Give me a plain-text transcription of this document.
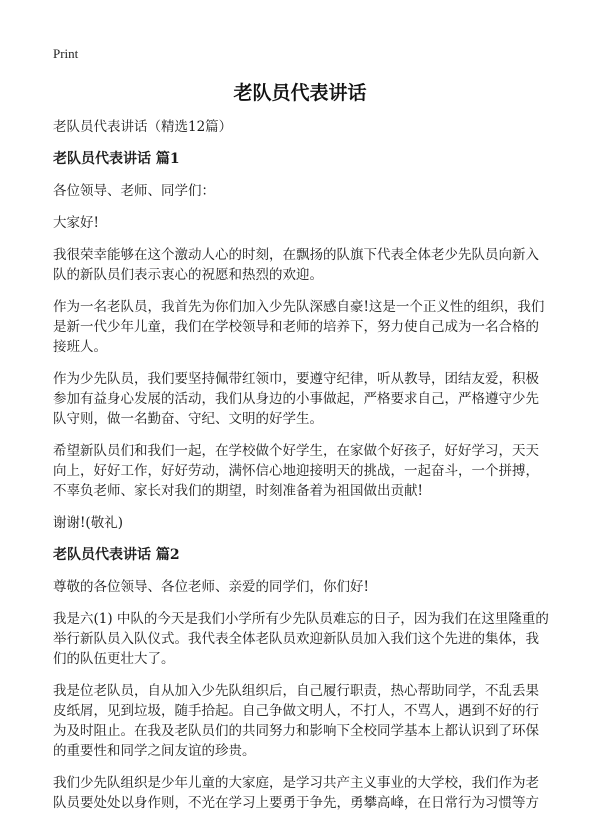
Print
老队员代表讲话

老队员代表讲话（精选12篇）

老队员代表讲话 篇1

各位领导、老师、同学们：

大家好!

我很荣幸能够在这个激动人心的时刻，在飘扬的队旗下代表全体老少先队员向新入队的新队员们表示衷心的祝愿和热烈的欢迎。

作为一名老队员，我首先为你们加入少先队深感自豪!这是一个正义性的组织，我们是新一代少年儿童，我们在学校领导和老师的培养下，努力使自己成为一名合格的接班人。

作为少先队员，我们要坚持佩带红领巾，要遵守纪律，听从教导，团结友爱，积极参加有益身心发展的活动，我们从身边的小事做起，严格要求自己，严格遵守少先队守则，做一名勤奋、守纪、文明的好学生。

希望新队员们和我们一起，在学校做个好学生，在家做个好孩子，好好学习，天天向上，好好工作，好好劳动，满怀信心地迎接明天的挑战，一起奋斗，一个拼搏，不辜负老师、家长对我们的期望，时刻准备着为祖国做出贡献!

谢谢!(敬礼)

老队员代表讲话 篇2

尊敬的各位领导、各位老师、亲爱的同学们，你们好!

我是六(1) 中队的今天是我们小学所有少先队员难忘的日子，因为我们在这里隆重的举行新队员入队仪式。我代表全体老队员欢迎新队员加入我们这个先进的集体，我们的队伍更壮大了。

我是位老队员，自从加入少先队组织后，自己履行职责，热心帮助同学，不乱丢果皮纸屑，见到垃圾，随手拾起。自己争做文明人，不打人，不骂人，遇到不好的行为及时阻止。在我及老队员们的共同努力和影响下全校同学基本上都认识到了环保的重要性和同学之间友谊的珍贵。

我们少先队组织是少年儿童的大家庭，是学习共产主义事业的大学校，我们作为老队员要处处以身作则，不光在学习上要勇于争先，勇攀高峰，在日常行为习惯等方
